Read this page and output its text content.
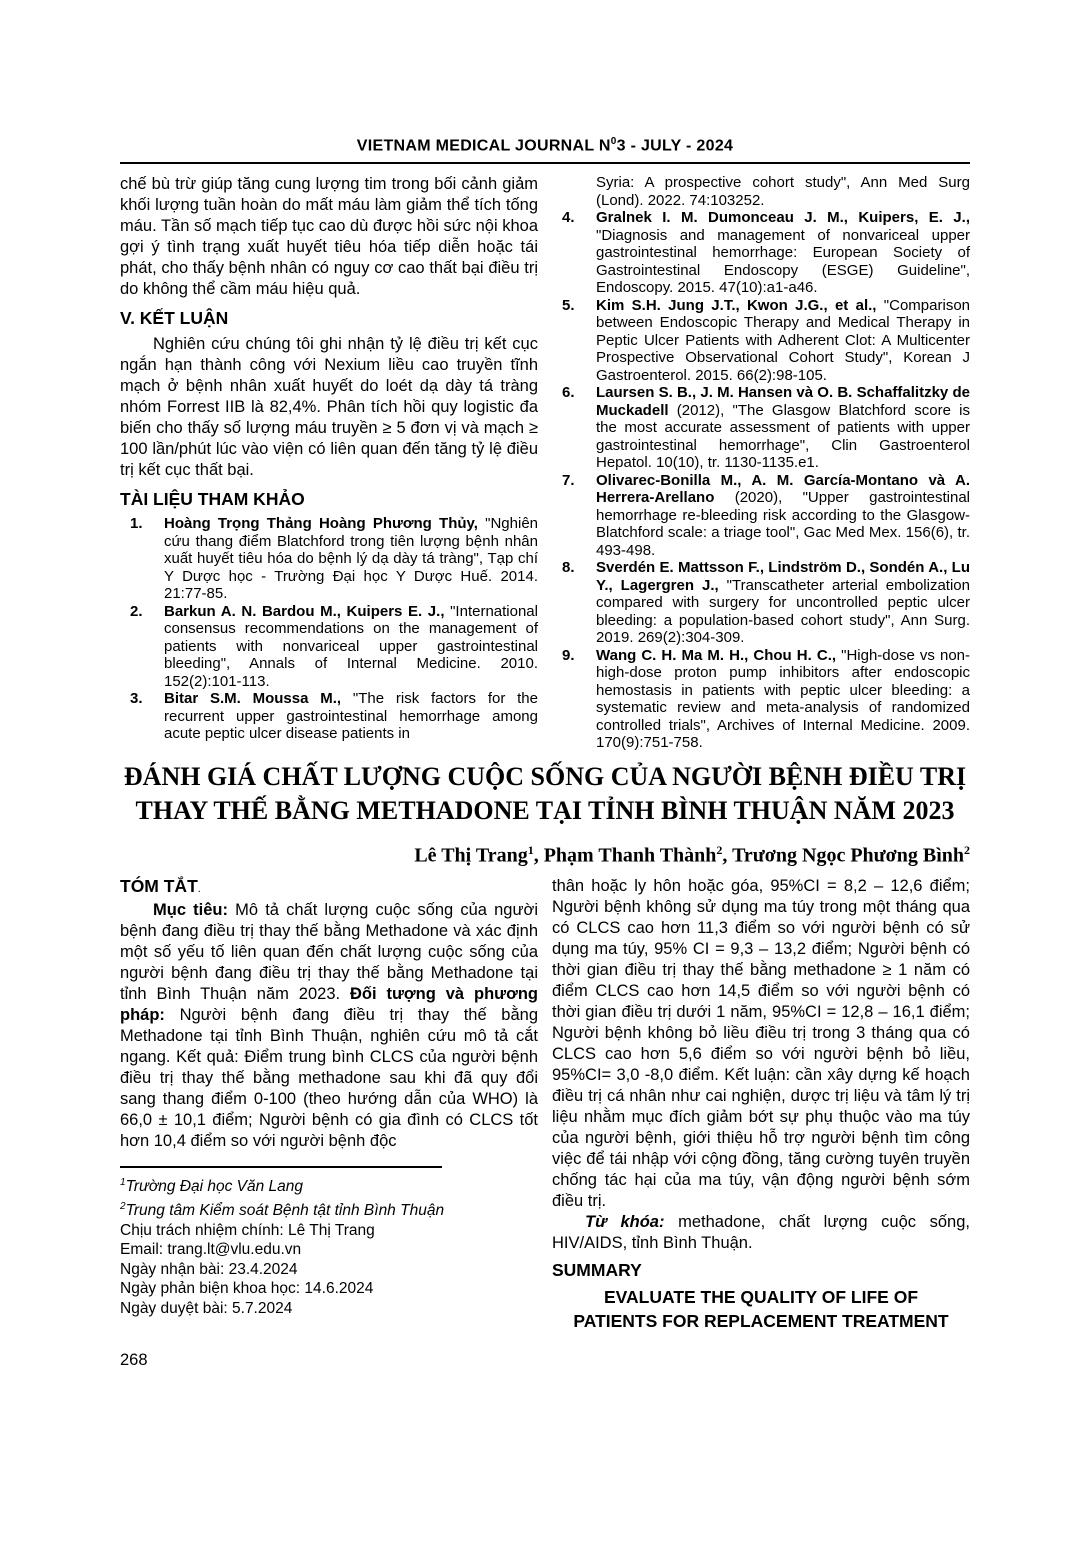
VIETNAM MEDICAL JOURNAL $N^03$ - JULY - 2024

chế bù trừ giúp tăng cung lượng tim trong bối cảnh giảm khối lượng tuần hoàn do mất máu làm giảm thể tích tống máu. Tần số mạch tiếp tục cao dù được hồi sức nội khoa gợi ý tình trạng xuất huyết tiêu hóa tiếp diễn hoặc tái phát, cho thấy bệnh nhân có nguy cơ cao thất bại điều trị do không thể cầm máu hiệu quả.

V. KẾT LUẬN

Nghiên cứu chúng tôi ghi nhận tỷ lệ điều trị kết cục ngắn hạn thành công với Nexium liều cao truyền tĩnh mạch ở bệnh nhân xuất huyết do loét dạ dày tá tràng nhóm Forrest IIB là 82,4%. Phân tích hồi quy logistic đa biến cho thấy số lượng máu truyền ≥ 5 đơn vị và mạch ≥ 100 lần/phút lúc vào viện có liên quan đến tăng tỷ lệ điều trị kết cục thất bại.

TÀI LIỆU THAM KHẢO

1. Hoàng Trọng Thảng Hoàng Phương Thủy, "Nghiên cứu thang điểm Blatchford trong tiên lượng bệnh nhân xuất huyết tiêu hóa do bệnh lý dạ dày tá tràng", Tạp chí Y Dược học - Trường Đại học Y Dược Huế. 2014. 21:77-85.

2. Barkun A. N. Bardou M., Kuipers E. J., "International consensus recommendations on the management of patients with nonvariceal upper gastrointestinal bleeding", Annals of Internal Medicine. 2010. 152(2):101-113.

3. Bitar S.M. Moussa M., "The risk factors for the recurrent upper gastrointestinal hemorrhage among acute peptic ulcer disease patients in

Syria: A prospective cohort study", Ann Med Surg (Lond). 2022. 74:103252.

4. Gralnek I. M. Dumonceau J. M., Kuipers, E. J., "Diagnosis and management of nonvariceal upper gastrointestinal hemorrhage: European Society of Gastrointestinal Endoscopy (ESGE) Guideline", Endoscopy. 2015. 47(10):a1-a46.

5. Kim S.H. Jung J.T., Kwon J.G., et al., "Comparison between Endoscopic Therapy and Medical Therapy in Peptic Ulcer Patients with Adherent Clot: A Multicenter Prospective Observational Cohort Study", Korean J Gastroenterol. 2015. 66(2):98-105.

6. Laursen S. B., J. M. Hansen và O. B. Schaffalitzky de Muckadell (2012), "The Glasgow Blatchford score is the most accurate assessment of patients with upper gastrointestinal hemorrhage", Clin Gastroenterol Hepatol. 10(10), tr. 1130-1135.e1.

7. Olivarec-Bonilla M., A. M. García-Montano và A. Herrera-Arellano (2020), "Upper gastrointestinal hemorrhage re-bleeding risk according to the Glasgow-Blatchford scale: a triage tool", Gac Med Mex. 156(6), tr. 493-498.

8. Sverdén E. Mattsson F., Lindström D., Sondén A., Lu Y., Lagergren J., "Transcatheter arterial embolization compared with surgery for uncontrolled peptic ulcer bleeding: a population-based cohort study", Ann Surg. 2019. 269(2):304-309.

9. Wang C. H. Ma M. H., Chou H. C., "High-dose vs non-high-dose proton pump inhibitors after endoscopic hemostasis in patients with peptic ulcer bleeding: a systematic review and meta-analysis of randomized controlled trials", Archives of Internal Medicine. 2009. 170(9):751-758.

ĐÁNH GIÁ CHẤT LƯỢNG CUỘC SỐNG CỦA NGƯỜI BỆNH ĐIỀU TRỊ
THAY THẾ BẰNG METHADONE TẠI TỈNH BÌNH THUẬN NĂM 2023
Lê Thị Trang$^1$, Phạm Thanh Thành$^2$, Trương Ngọc Phương Bình$^2$
TÓM TẮT.

Mục tiêu: Mô tả chất lượng cuộc sống của người bệnh đang điều trị thay thế bằng Methadone và xác định một số yếu tố liên quan đến chất lượng cuộc sống của người bệnh đang điều trị thay thế bằng Methadone tại tỉnh Bình Thuận năm 2023. Đối tượng và phương pháp: Người bệnh đang điều trị thay thế bằng Methadone tại tỉnh Bình Thuận, nghiên cứu mô tả cắt ngang. Kết quả: Điểm trung bình CLCS của người bệnh điều trị thay thế bằng methadone sau khi đã quy đổi sang thang điểm 0-100 (theo hướng dẫn của WHO) là 66,0 ± 10,1 điểm; Người bệnh có gia đình có CLCS tốt hơn 10,4 điểm so với người bệnh độc

$^1$Trường Đại học Văn Lang
$^2$Trung tâm Kiểm soát Bệnh tật tỉnh Bình Thuận
Chịu trách nhiệm chính: Lê Thị Trang
Email: trang.lt@vlu.edu.vn
Ngày nhận bài: 23.4.2024
Ngày phản biện khoa học: 14.6.2024
Ngày duyệt bài: 5.7.2024

thân hoặc ly hôn hoặc góa, 95%CI = 8,2 – 12,6 điểm; Người bệnh không sử dụng ma túy trong một tháng qua có CLCS cao hơn 11,3 điểm so với người bệnh có sử dụng ma túy, 95% CI = 9,3 – 13,2 điểm; Người bệnh có thời gian điều trị thay thế bằng methadone ≥ 1 năm có điểm CLCS cao hơn 14,5 điểm so với người bệnh có thời gian điều trị dưới 1 năm, 95%CI = 12,8 – 16,1 điểm; Người bệnh không bỏ liều điều trị trong 3 tháng qua có CLCS cao hơn 5,6 điểm so với người bệnh bỏ liều, 95%CI= 3,0 -8,0 điểm. Kết luận: cần xây dựng kế hoạch điều trị cá nhân như cai nghiện, dược trị liệu và tâm lý trị liệu nhằm mục đích giảm bớt sự phụ thuộc vào ma túy của người bệnh, giới thiệu hỗ trợ người bệnh tìm công việc để tái nhập với cộng đồng, tăng cường tuyên truyền chống tác hại của ma túy, vận động người bệnh sớm điều trị.

Từ khóa: methadone, chất lượng cuộc sống, HIV/AIDS, tỉnh Bình Thuận.

SUMMARY
EVALUATE THE QUALITY OF LIFE OF
PATIENTS FOR REPLACEMENT TREATMENT
268
